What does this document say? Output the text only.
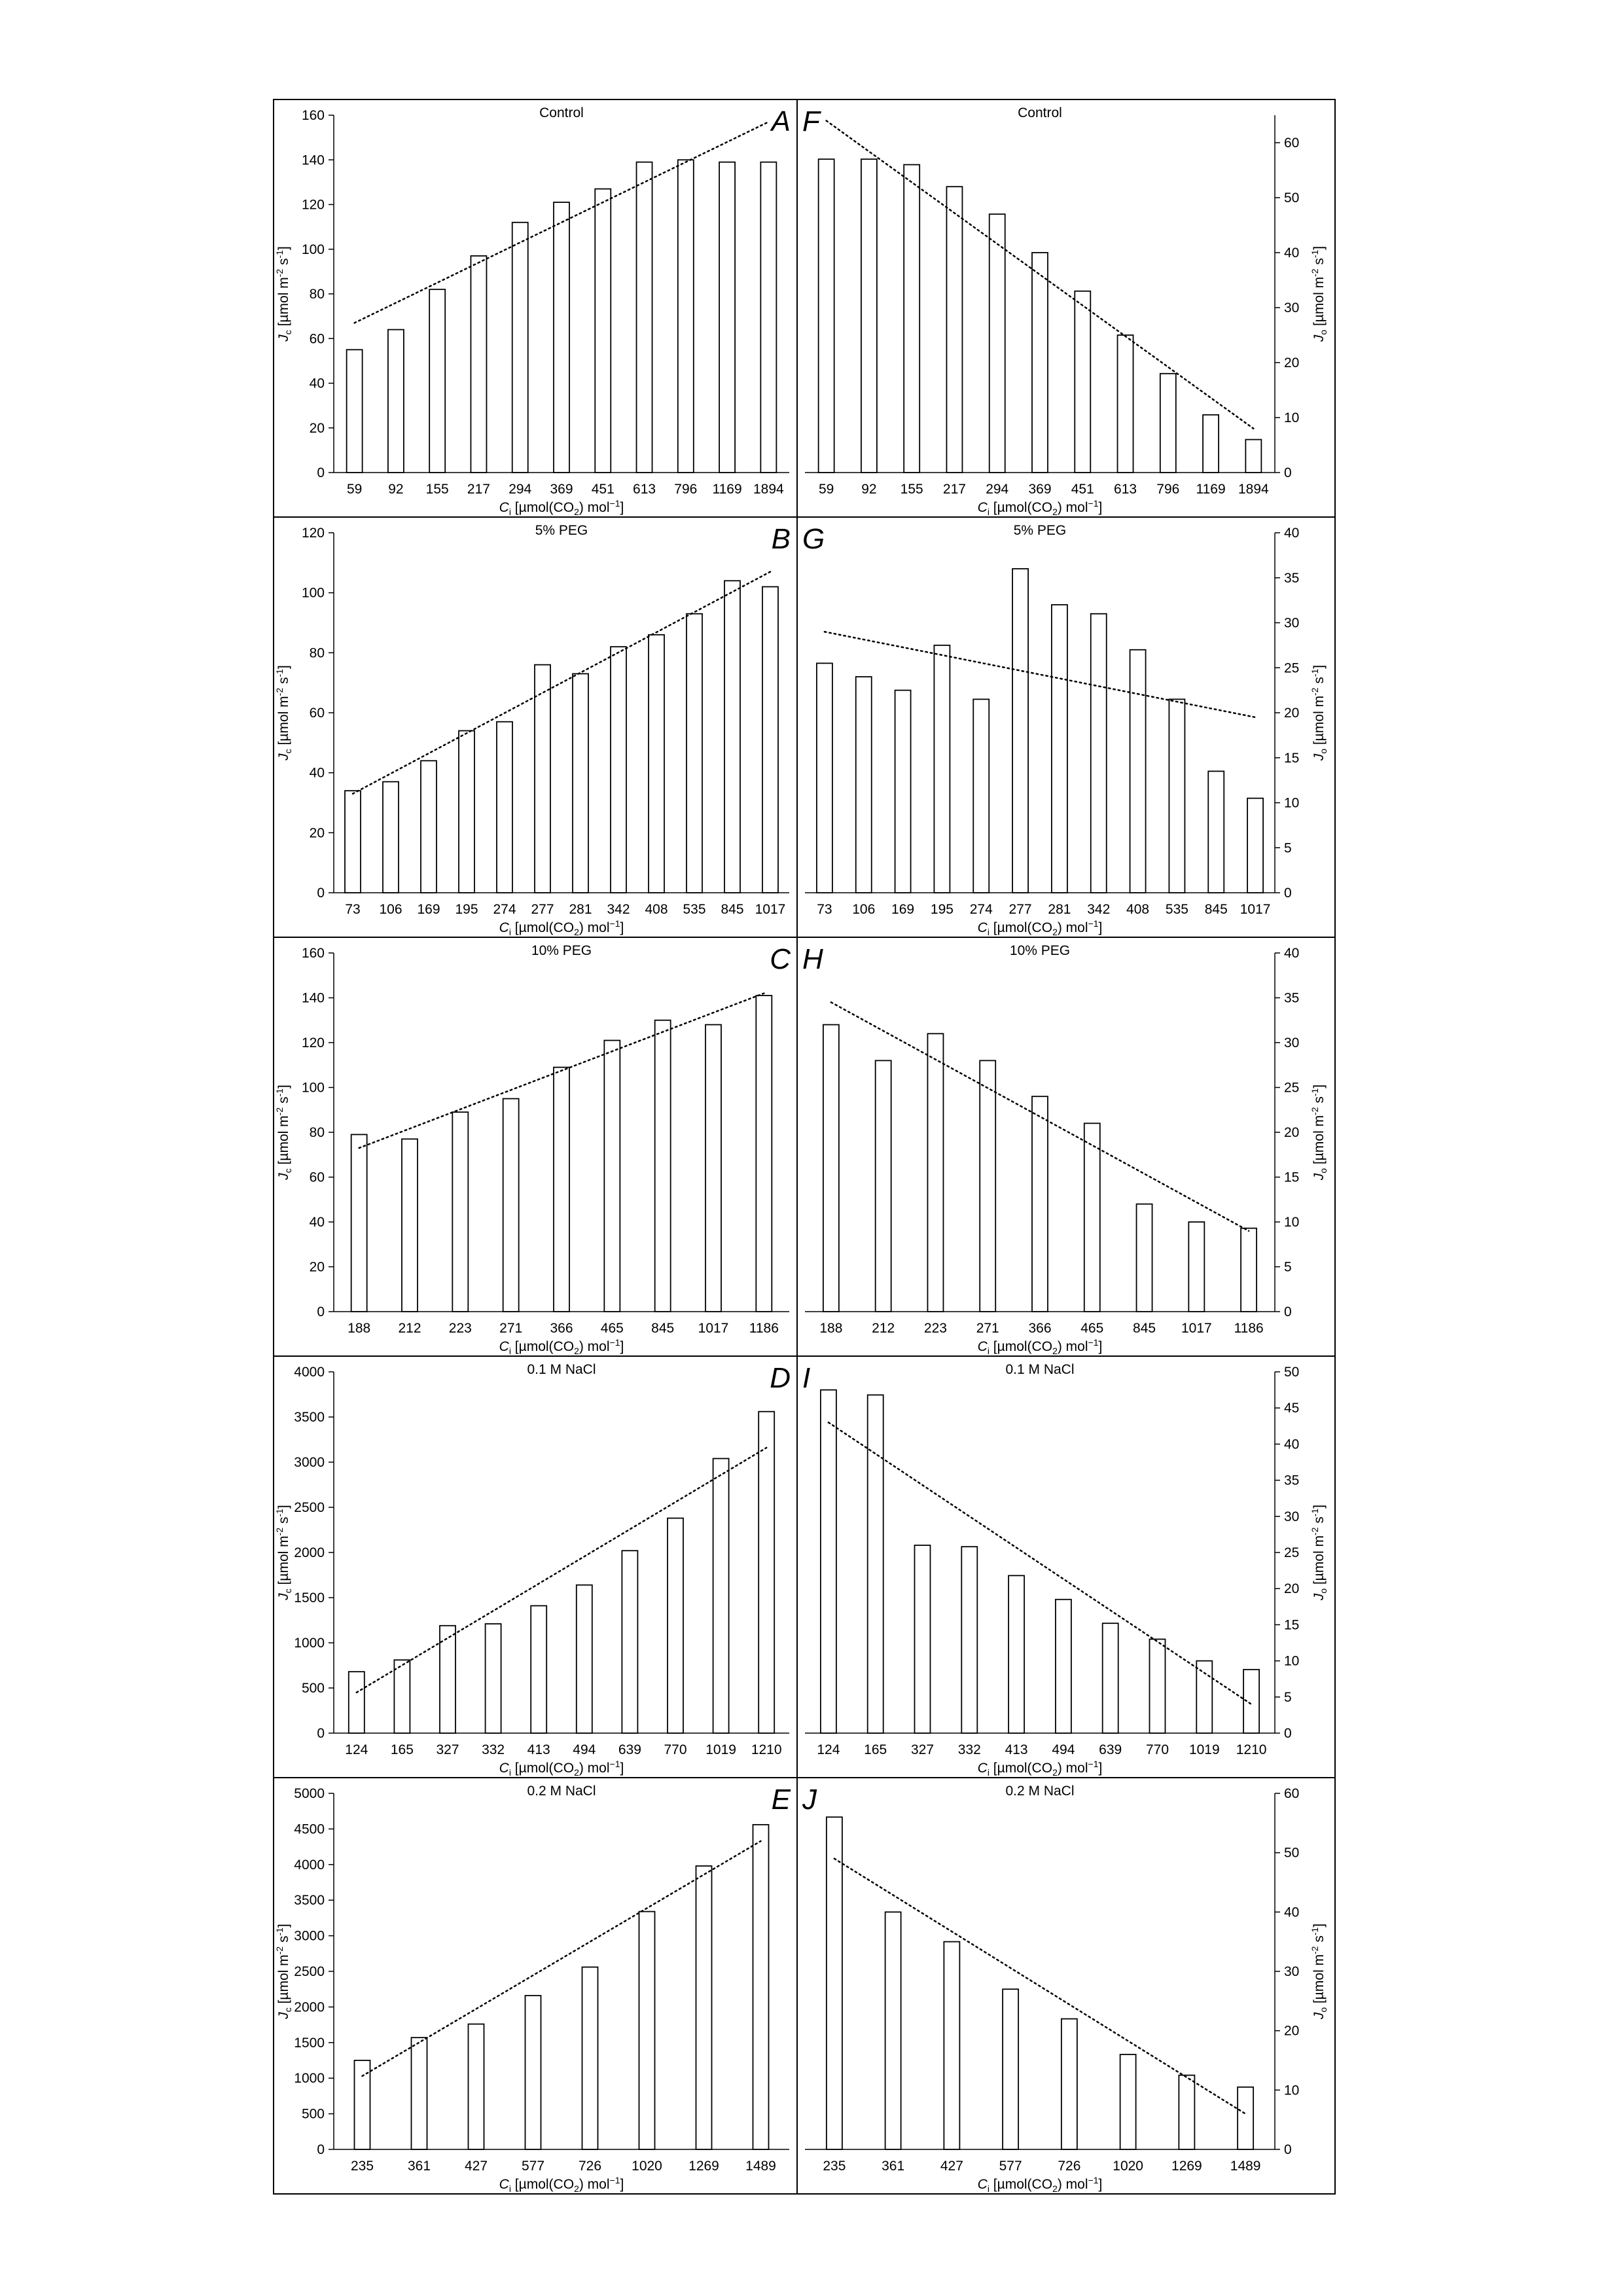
0
20
40
60
80
100
120
140
160
59 92 155 217 294 369 451 613 796 1169 1894
Control	A
$C_i$ [$\mu mol(CO_2)$ mol$^{-1}$]
$J_c$ [µmol $m^{-2}$ $s^{-1}$]
0
10
20
30
40
50
60
59 92 155 217 294 369 451 613 796 1169 1894
Control
F
$C_i$ [$\mu mol(CO_2)$ mol$^{-1}$]
$J_o$ [µmol $m^{-2}$ $s^{-1}$]
0
20
40
60
80
100
120
73 106 169 195 274 277 281 342 408 535 845 1017
5% PEG	B
$C_i$ [$\mu mol(CO_2)$ mol$^{-1}$]
$J_c$ [µmol $m^{-2}$ $s^{-1}$]
0
5
10
15
20
25
30
35
40
73 106 169 195 274 277 281 342 408 535 845 1017
5% PEG
G
$C_i$ [$\mu mol(CO_2)$ mol$^{-1}$]
$J_o$ [µmol $m^{-2}$ $s^{-1}$]
0
20
40
60
80
100
120
140
160
188 212 223 271 366 465 845 1017 1186
10% PEG	C
$C_i$ [$\mu mol(CO_2)$ mol$^{-1}$]
$J_c$ [µmol $m^{-2}$ $s^{-1}$]
0
5
10
15
20
25
30
35
40
188 212 223 271 366 465 845 1017 1186
10% PEG
H
$C_i$ [$\mu mol(CO_2)$ mol$^{-1}$]
$J_o$ [µmol $m^{-2}$ $s^{-1}$]
0
500
1000
1500
2000
2500
3000
3500
4000
124 165 327 332 413 494 639 770 1019 1210
0.1 M NaCl	D
$C_i$ [$\mu mol(CO_2)$ mol$^{-1}$]
$J_c$ [µmol $m^{-2}$ $s^{-1}$]
0
5
10
15
20
25
30
35
40
45
50
124 165 327 332 413 494 639 770 1019 1210
0.1 M NaCl
I
$C_i$ [$\mu mol(CO_2)$ mol$^{-1}$]
$J_o$ [µmol $m^{-2}$ $s^{-1}$]
0
500
1000
1500
2000
2500
3000
3500
4000
4500
5000
235 361 427 577 726 1020 1269 1489
0.2 M NaCl	E
$C_i$ [$\mu mol(CO_2)$ mol$^{-1}$]
$J_c$ [µmol $m^{-2}$ $s^{-1}$]
0
10
20
30
40
50
60
235	361	427	577	726 1020 1269 1489
0.2 M NaCl
J
$C_i$ [$\mu mol(CO_2)$ mol$^{-1}$]
$J_o$ [µmol $m^{-2}$ $s^{-1}$]
